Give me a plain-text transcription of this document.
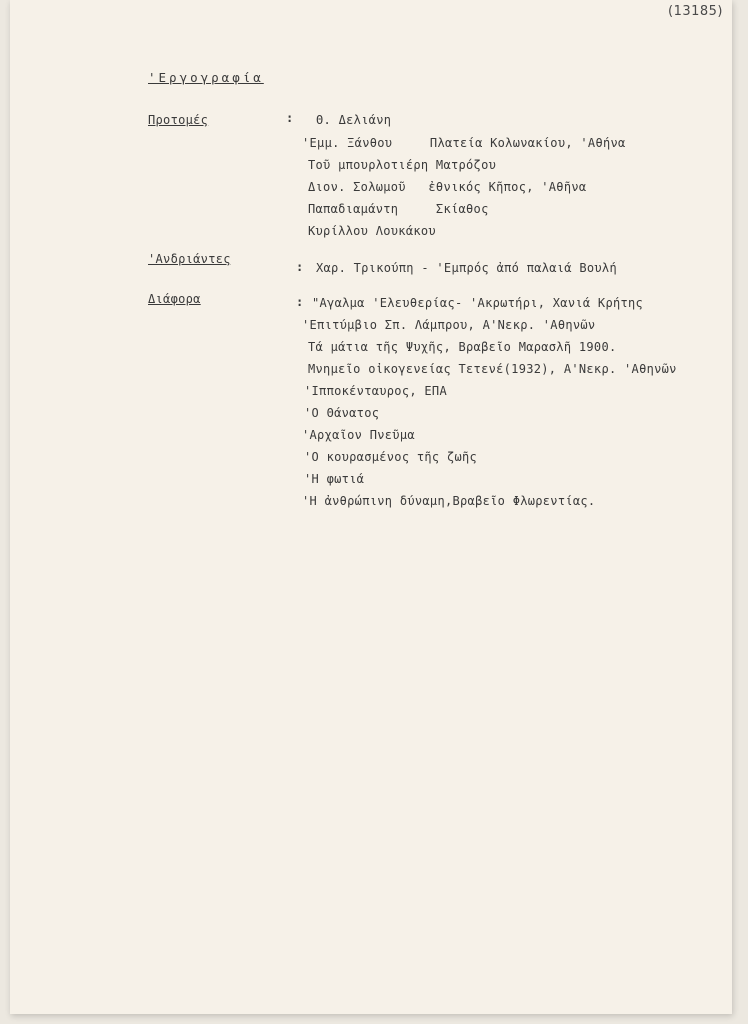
(13185)
'Εργογραφία
Προτομές	: Θ. Δελιάνη
'Εμμ. Ξάνθου     Πλατεία Κολωνακίου, 'Αθήνα
Τοῦ μπουρλοτιέρη Ματρόζου
Διον. Σολωμοῦ   ἐθνικός Κῆπος, 'Αθῆνα
Παπαδιαμάντη     Σκίαθος
Κυρίλλου Λουκάκου
'Ανδριάντες
: Χαρ. Τρικούπη - 'Εμπρός ἀπό παλαιά Βουλή
Διάφορα	: "Αγαλμα 'Ελευθερίας- 'Ακρωτήρι, Χανιά Κρήτης
'Επιτύμβιο Σπ. Λάμπρου, Α'Νεκρ. 'Αθηνῶν
Τά μάτια τῆς Ψυχῆς, Βραβεῖο Μαρασλῆ 1900.
Μνημεῖο οἰκογενείας Τετενέ(1932), Α'Νεκρ. 'Αθηνῶν
'Ιπποκένταυρος, ΕΠΑ
'Ο Θάνατος
'Αρχαῖον Πνεῦμα
'Ο κουρασμένος τῆς ζωῆς
'Η φωτιά
'Η ἀνθρώπινη δύναμη,Βραβεῖο Φλωρεντίας.
